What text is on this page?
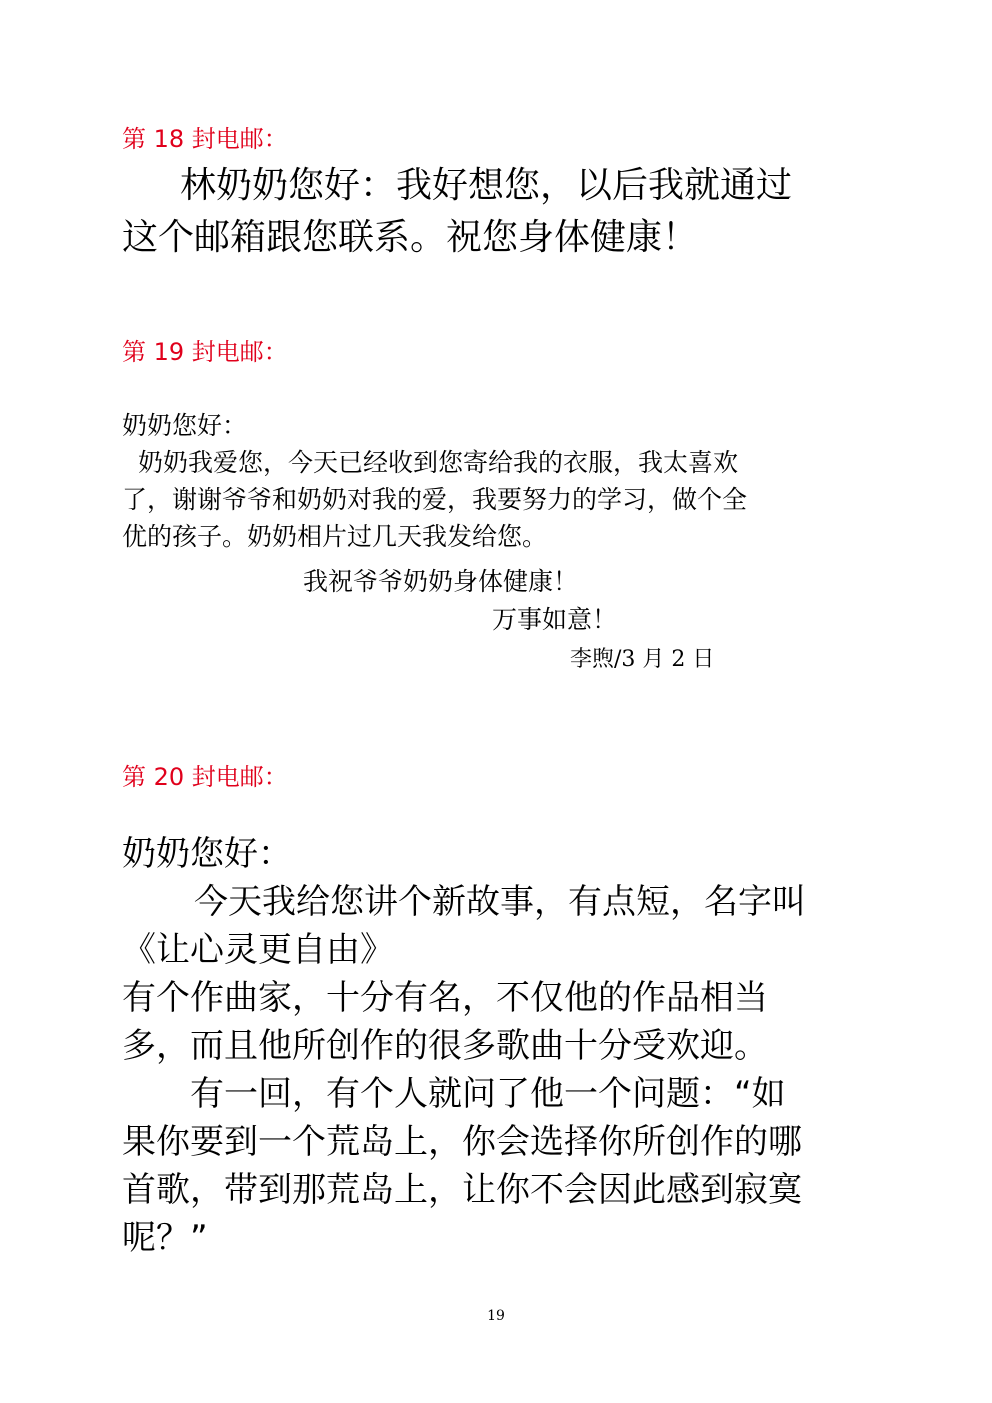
第 18 封电邮：
林奶奶您好：我好想您，以后我就通过
这个邮箱跟您联系。祝您身体健康！
第 19 封电邮：
奶奶您好：
奶奶我爱您，今天已经收到您寄给我的衣服，我太喜欢
了，谢谢爷爷和奶奶对我的爱，我要努力的学习，做个全
优的孩子。奶奶相片过几天我发给您。
我祝爷爷奶奶身体健康！
万事如意！
李煦/3 月 2 日
第 20 封电邮：
奶奶您好：
今天我给您讲个新故事，有点短，名字叫
《让心灵更自由》
有个作曲家，十分有名，不仅他的作品相当
多，而且他所创作的很多歌曲十分受欢迎。
有一回，有个人就问了他一个问题：“如
果你要到一个荒岛上，你会选择你所创作的哪
首歌，带到那荒岛上，让你不会因此感到寂寞
呢？”
19
